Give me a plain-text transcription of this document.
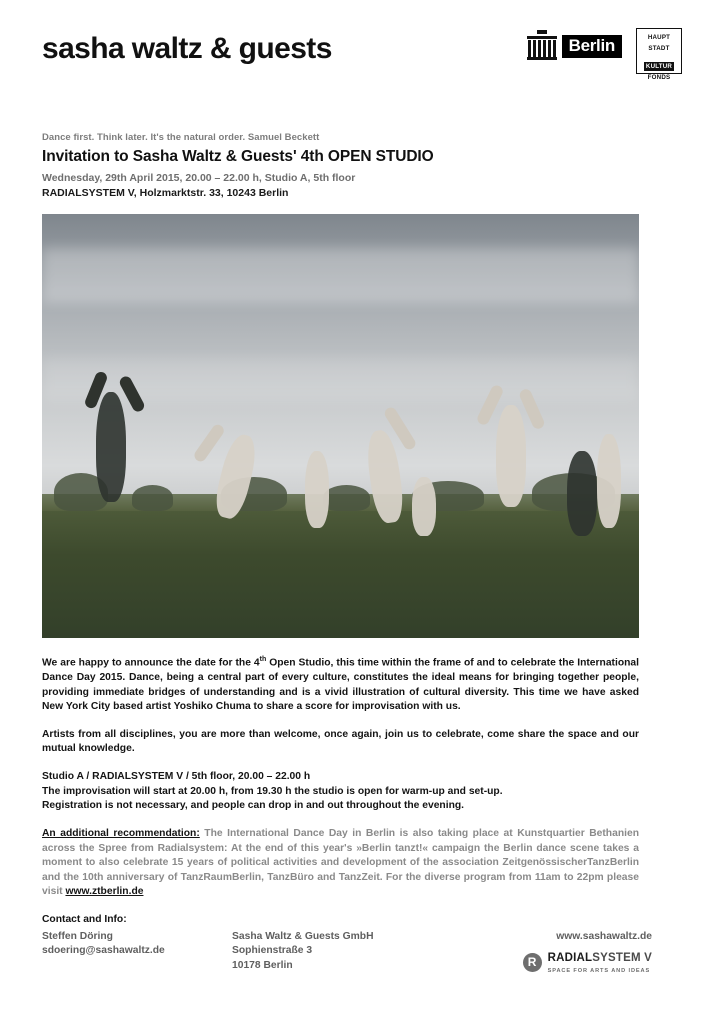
sasha waltz & guests	Berlin	HAUPT
STADT
KULTUR
FONDS
Dance first. Think later. It's the natural order. Samuel Beckett
Invitation to Sasha Waltz & Guests' 4th OPEN STUDIO
Wednesday, 29th April 2015, 20.00 – 22.00 h, Studio A, 5th floor
RADIALSYSTEM V, Holzmarktstr. 33, 10243 Berlin

We are happy to announce the date for the 4th Open Studio, this time within the frame of and to celebrate the International Dance Day 2015. Dance, being a central part of every culture, constitutes the ideal means for bringing together people, providing immediate bridges of understanding and is a vivid illustration of cultural diversity. This time we have asked New York City based artist Yoshiko Chuma to share a score for improvisation with us.

Artists from all disciplines, you are more than welcome, once again, join us to celebrate, come share the space and our mutual knowledge.

Studio A / RADIALSYSTEM V / 5th floor, 20.00 – 22.00 h

The improvisation will start at 20.00 h, from 19.30 h the studio is open for warm-up and set-up.

Registration is not necessary, and people can drop in and out throughout the evening.

An additional recommendation: The International Dance Day in Berlin is also taking place at Kunstquartier Bethanien across the Spree from Radialsystem: At the end of this year's »Berlin tanzt!« campaign the Berlin dance scene takes a moment to also celebrate 15 years of political activities and development of the association ZeitgenössischerTanzBerlin and the 10th anniversary of TanzRaumBerlin, TanzBüro and TanzZeit. For the diverse program from 11am to 22pm please visit www.ztberlin.de

Contact and Info:
Steffen Döring
sdoering@sashawaltz.de
Sasha Waltz & Guests GmbH
Sophienstraße 3
10178 Berlin
www.sashawaltz.de
R RADIALSYSTEM V
SPACE FOR ARTS AND IDEAS
